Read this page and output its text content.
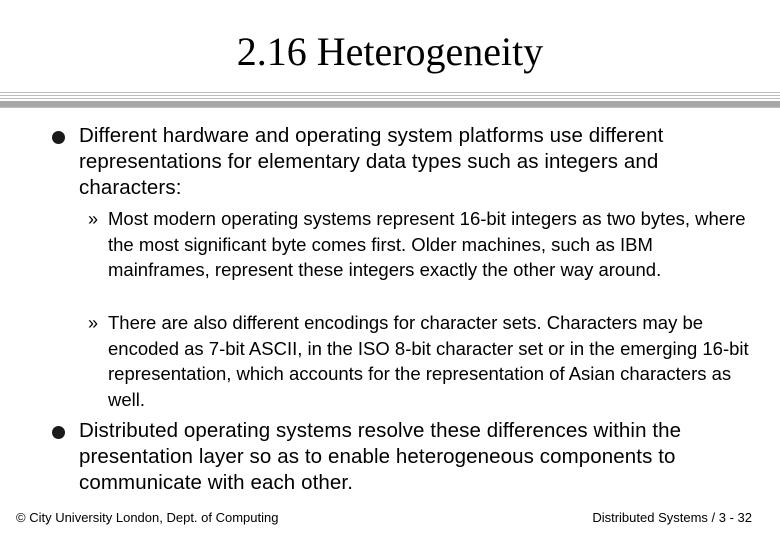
2.16 Heterogeneity
Different hardware and operating system platforms use different representations for elementary data types such as integers and characters:
» Most modern operating systems represent 16-bit integers as two bytes, where the most significant byte comes first. Older machines, such as IBM mainframes, represent these integers exactly the other way around.
» There are also different encodings for character sets. Characters may be encoded as 7-bit ASCII, in the ISO 8-bit character set or in the emerging 16-bit representation, which accounts for the representation of Asian characters as well.
Distributed operating systems resolve these differences within the presentation layer so as to enable heterogeneous components to communicate with each other.
© City University London, Dept. of Computing	Distributed Systems / 3 - 32
